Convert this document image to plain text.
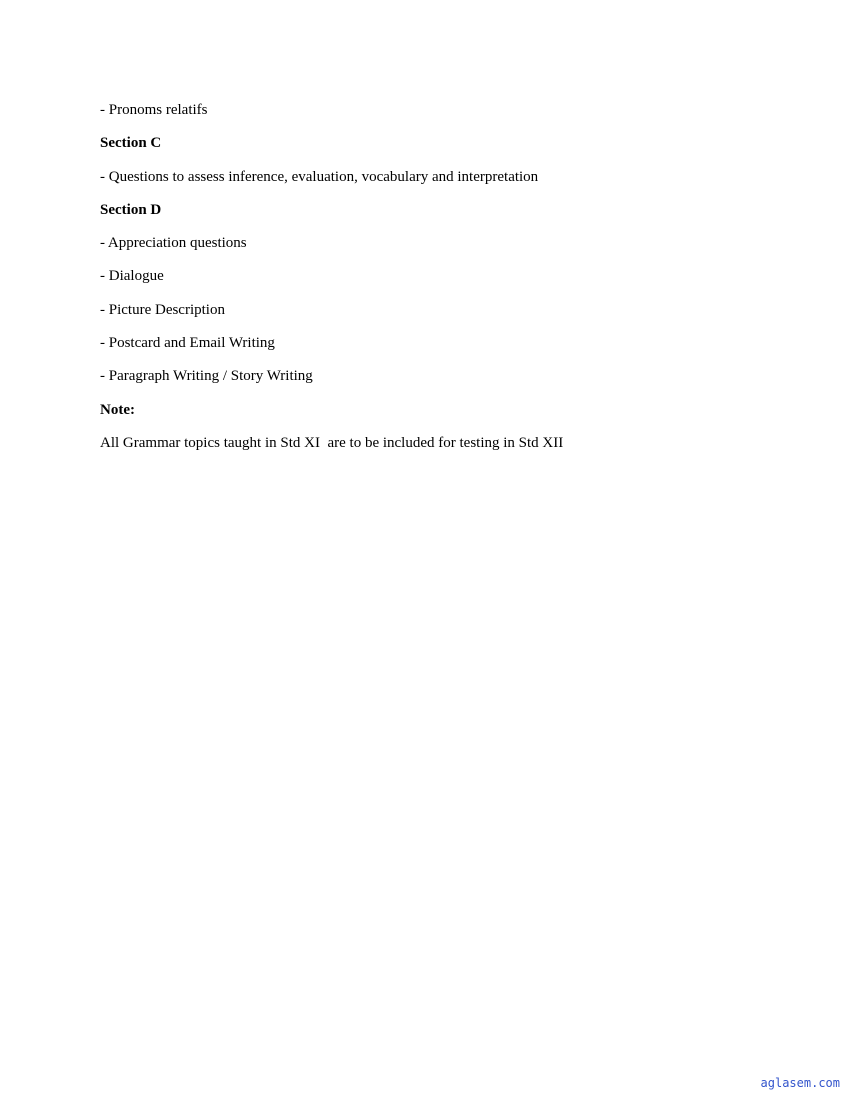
- Pronoms relatifs
Section C
- Questions to assess inference, evaluation, vocabulary and interpretation
Section D
- Appreciation questions
- Dialogue
- Picture Description
- Postcard and Email Writing
- Paragraph Writing / Story Writing
Note:
All Grammar topics taught in Std XI  are to be included for testing in Std XII
aglasem.com
